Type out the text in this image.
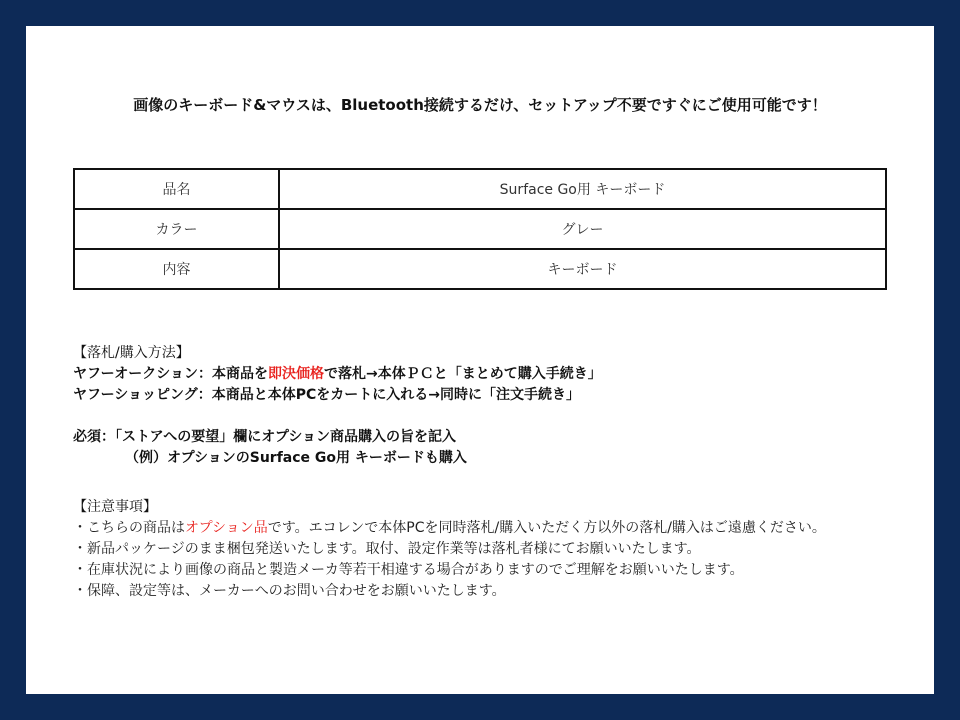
画像のキーボード&マウスは、Bluetooth接続するだけ、セットアップ不要ですぐにご使用可能です！
品名	Surface Go用 キーボード
カラー	グレー
内容	キーボード
【落札/購入方法】
ヤフーオークション：本商品を即決価格で落札→本体ＰＣと「まとめて購入手続き」
ヤフーショッピング：本商品と本体PCをカートに入れる→同時に「注文手続き」
必須：「ストアへの要望」欄にオプション商品購入の旨を記入
（例）オプションのSurface Go用 キーボードも購入
【注意事項】
・こちらの商品はオプション品です。エコレンで本体PCを同時落札/購入いただく方以外の落札/購入はご遠慮ください。
・新品パッケージのまま梱包発送いたします。取付、設定作業等は落札者様にてお願いいたします。
・在庫状況により画像の商品と製造メーカ等若干相違する場合がありますのでご理解をお願いいたします。
・保障、設定等は、メーカーへのお問い合わせをお願いいたします。
